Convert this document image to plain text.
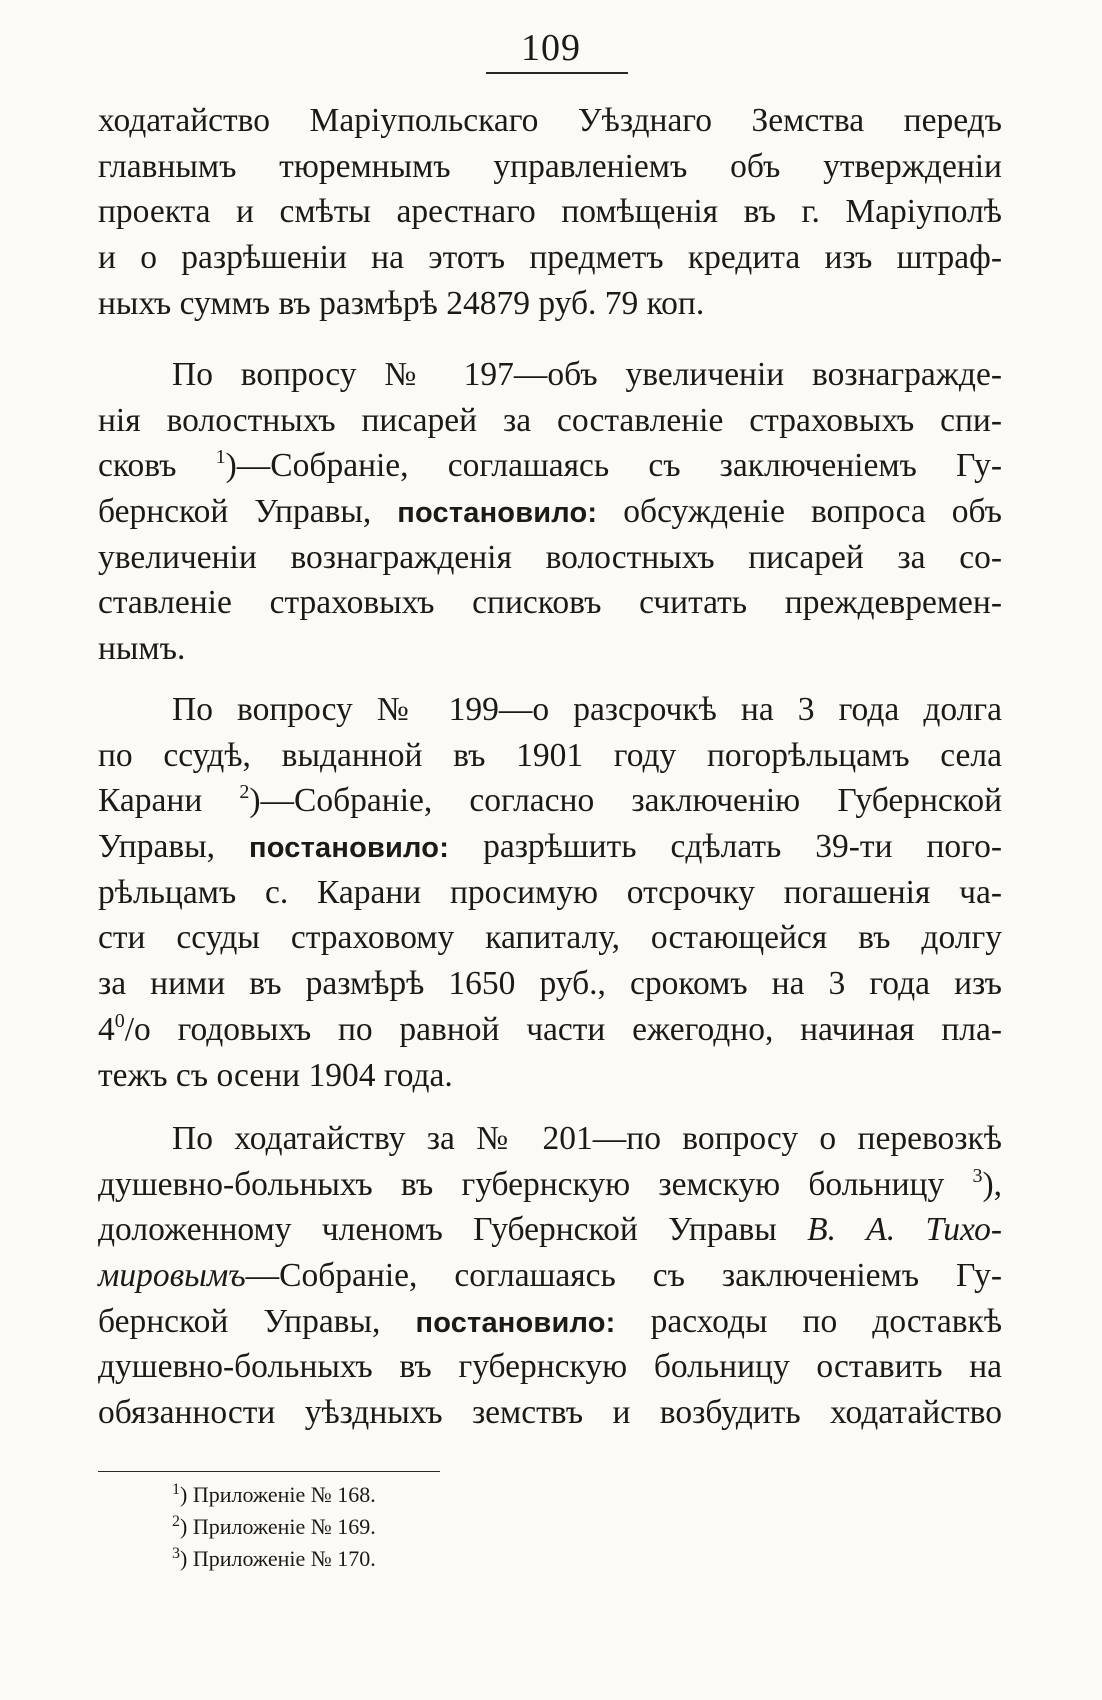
109
ходатайство Маріупольскаго Уѣзднаго Земства передъ
главнымъ тюремнымъ управленіемъ объ утвержденіи
проекта и смѣты арестнаго помѣщенія въ г. Маріуполѣ
и о разрѣшеніи на этотъ предметъ кредита изъ штраф-
ныхъ суммъ въ размѣрѣ 24879 руб. 79 коп.
По вопросу № 197—объ увеличеніи вознагражде-
нія волостныхъ писарей за составленіе страховыхъ спи-
сковъ $^1$)—Собраніе, соглашаясь съ заключеніемъ Гу-
бернской Управы, постановило: обсужденіе вопроса объ
увеличеніи вознагражденія волостныхъ писарей за со-
ставленіе страховыхъ списковъ считать преждевремен-
нымъ.
По вопросу № 199—о разсрочкѣ на 3 года долга
по ссудѣ, выданной въ 1901 году погорѣльцамъ села
Карани $^2$)—Собраніе, согласно заключенію Губернской
Управы, постановило: разрѣшить сдѣлать 39-ти пого-
рѣльцамъ с. Карани просимую отсрочку погашенія ча-
сти ссуды страховому капиталу, остающейся въ долгу
за ними въ размѣрѣ 1650 руб., срокомъ на 3 года изъ
$4^0/о$ годовыхъ по равной части ежегодно, начиная пла-
тежъ съ осени 1904 года.
По ходатайству за № 201—по вопросу о перевозкѣ
душевно-больныхъ въ губернскую земскую больницу $^3$),
доложенному членомъ Губернской Управы В. А. Тихо-
мировымъ—Собраніе, соглашаясь съ заключеніемъ Гу-
бернской Управы, постановило: расходы по доставкѣ
душевно-больныхъ въ губернскую больницу оставить на
обязанности уѣздныхъ земствъ и возбудить ходатайство
$^1$) Приложеніе № 168.
$^2$) Приложеніе № 169.
$^3$) Приложеніе № 170.
